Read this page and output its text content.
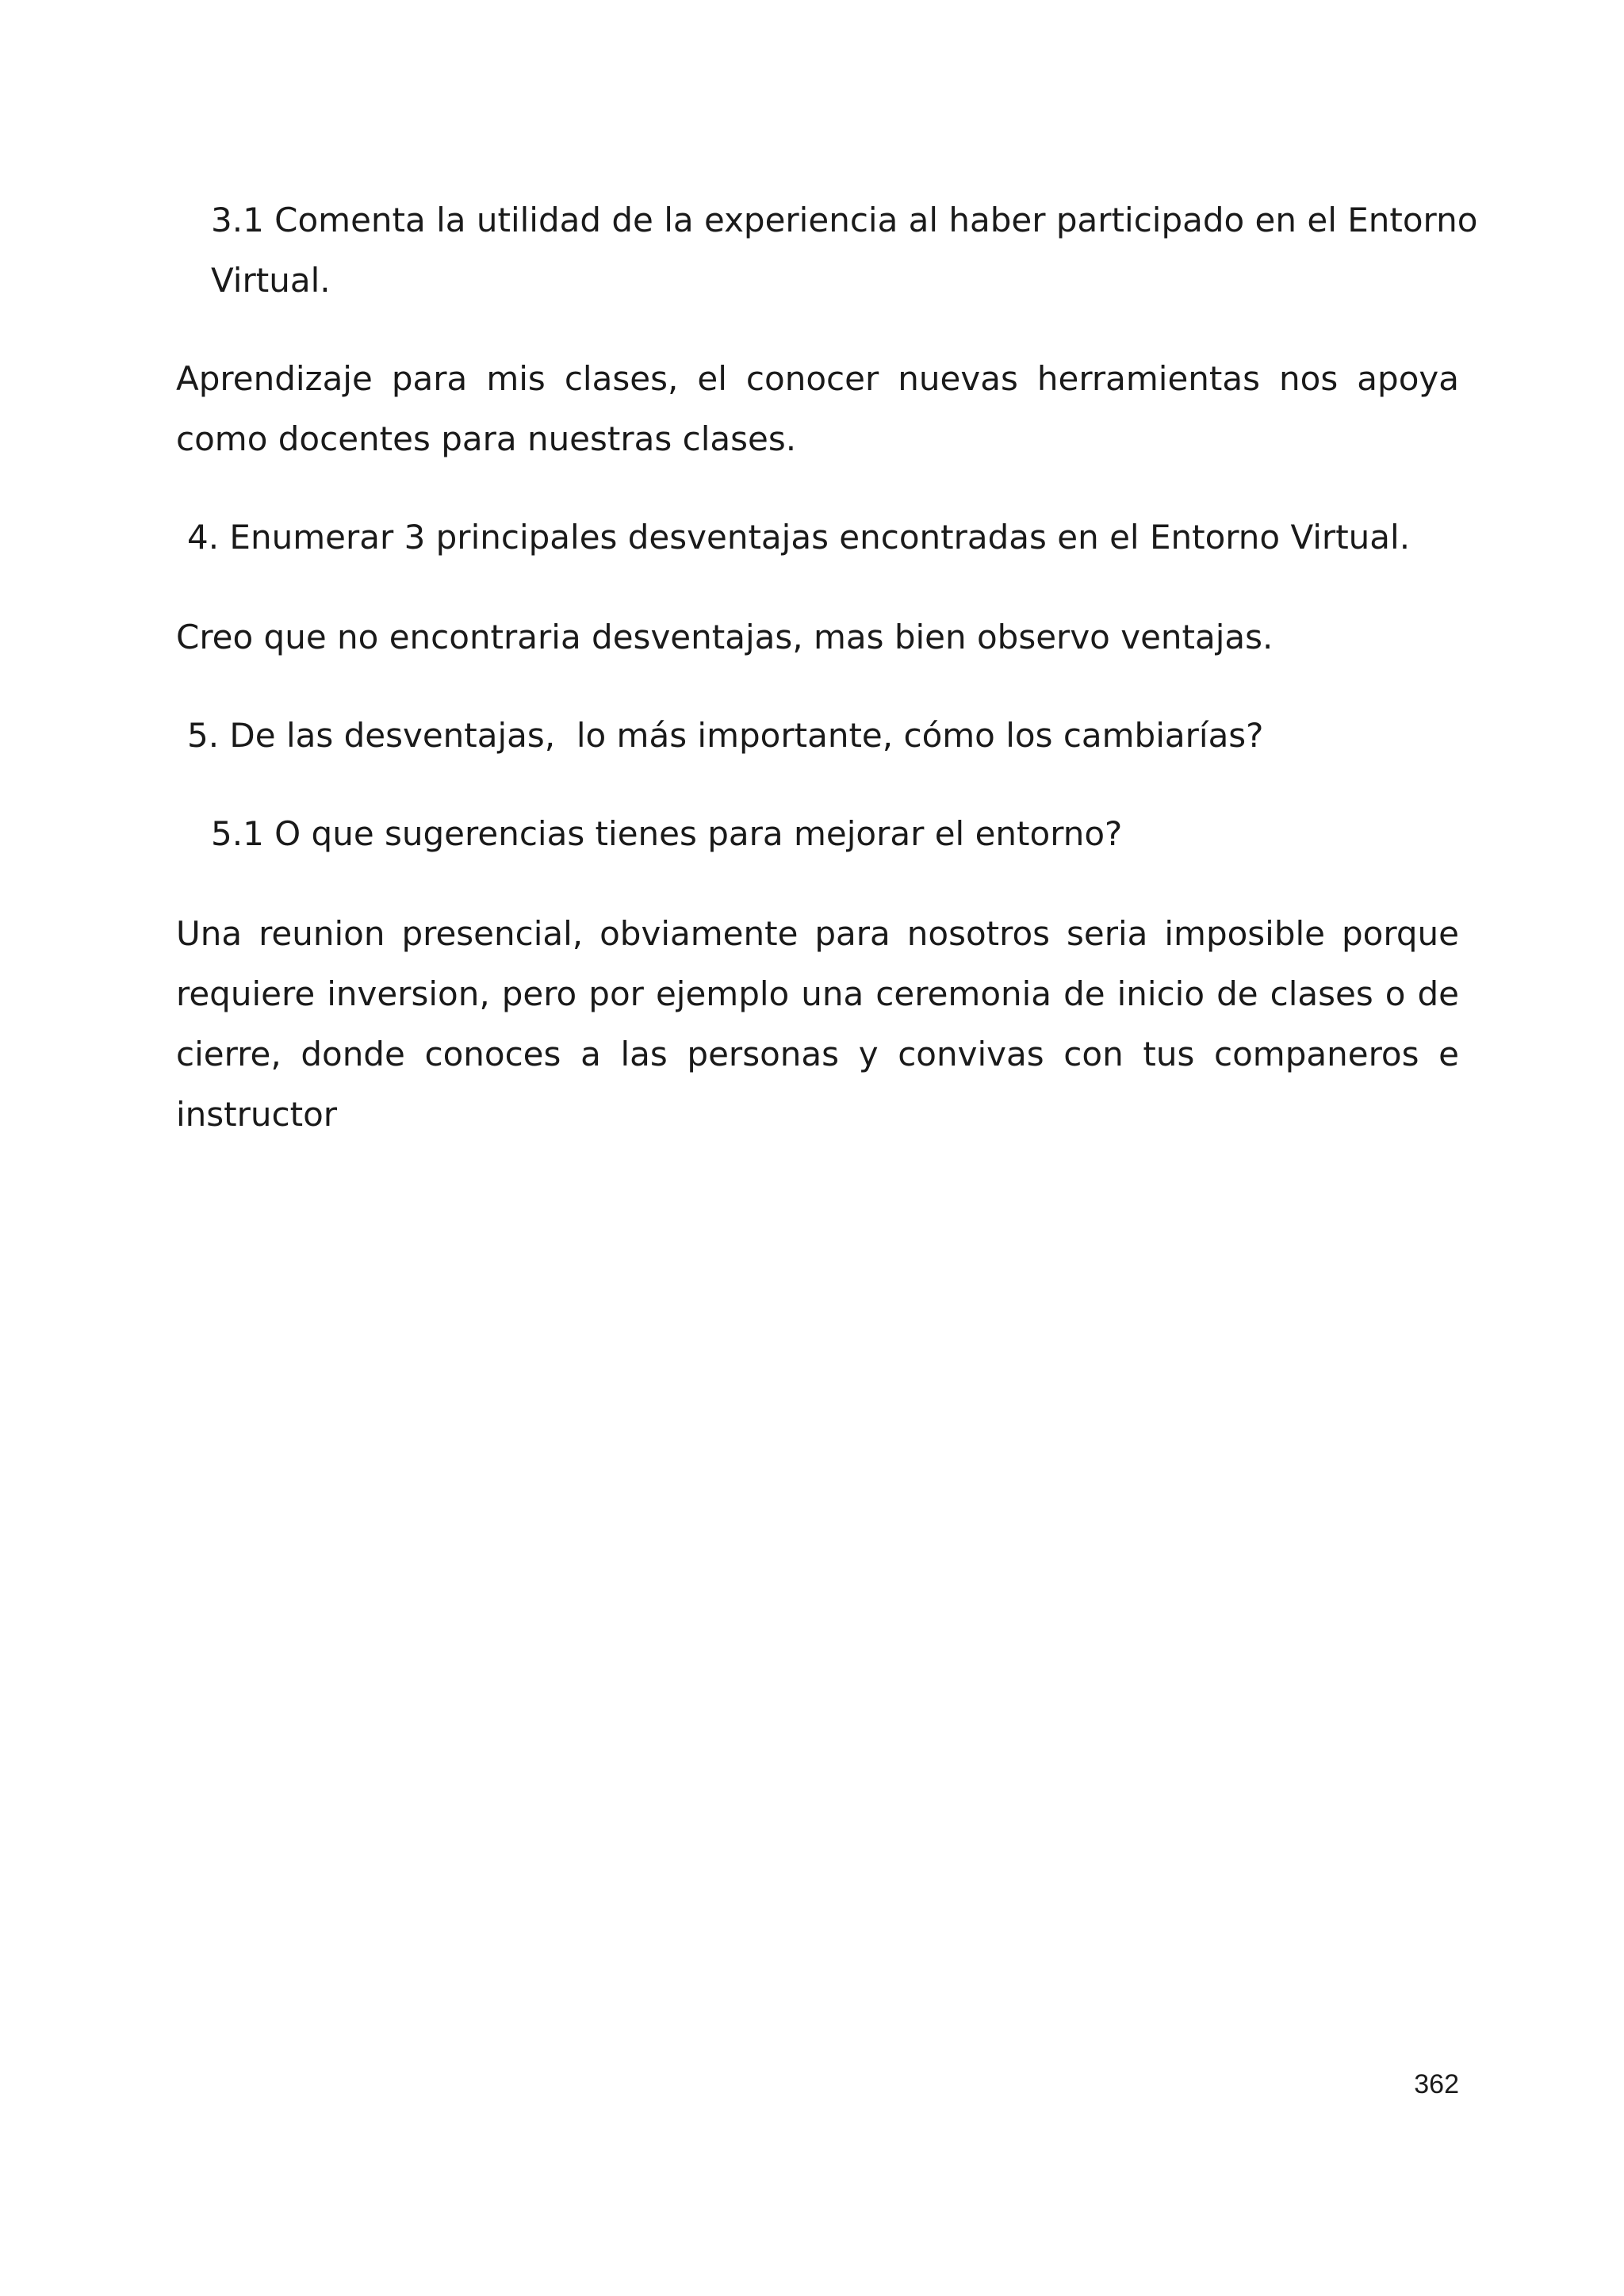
3.1 Comenta la utilidad de la experiencia al haber participado en el Entorno Virtual.

Aprendizaje para mis clases, el conocer nuevas herramientas nos apoya como docentes para nuestras clases.

4. Enumerar 3 principales desventajas encontradas en el Entorno Virtual.

Creo que no encontraria desventajas, mas bien observo ventajas.

5. De las desventajas,  lo más importante, cómo los cambiarías?

5.1 O que sugerencias tienes para mejorar el entorno?

Una reunion presencial, obviamente para nosotros seria imposible porque requiere inversion, pero por ejemplo una ceremonia de inicio de clases o de cierre, donde conoces a las personas y convivas con tus companeros e instructor

362
